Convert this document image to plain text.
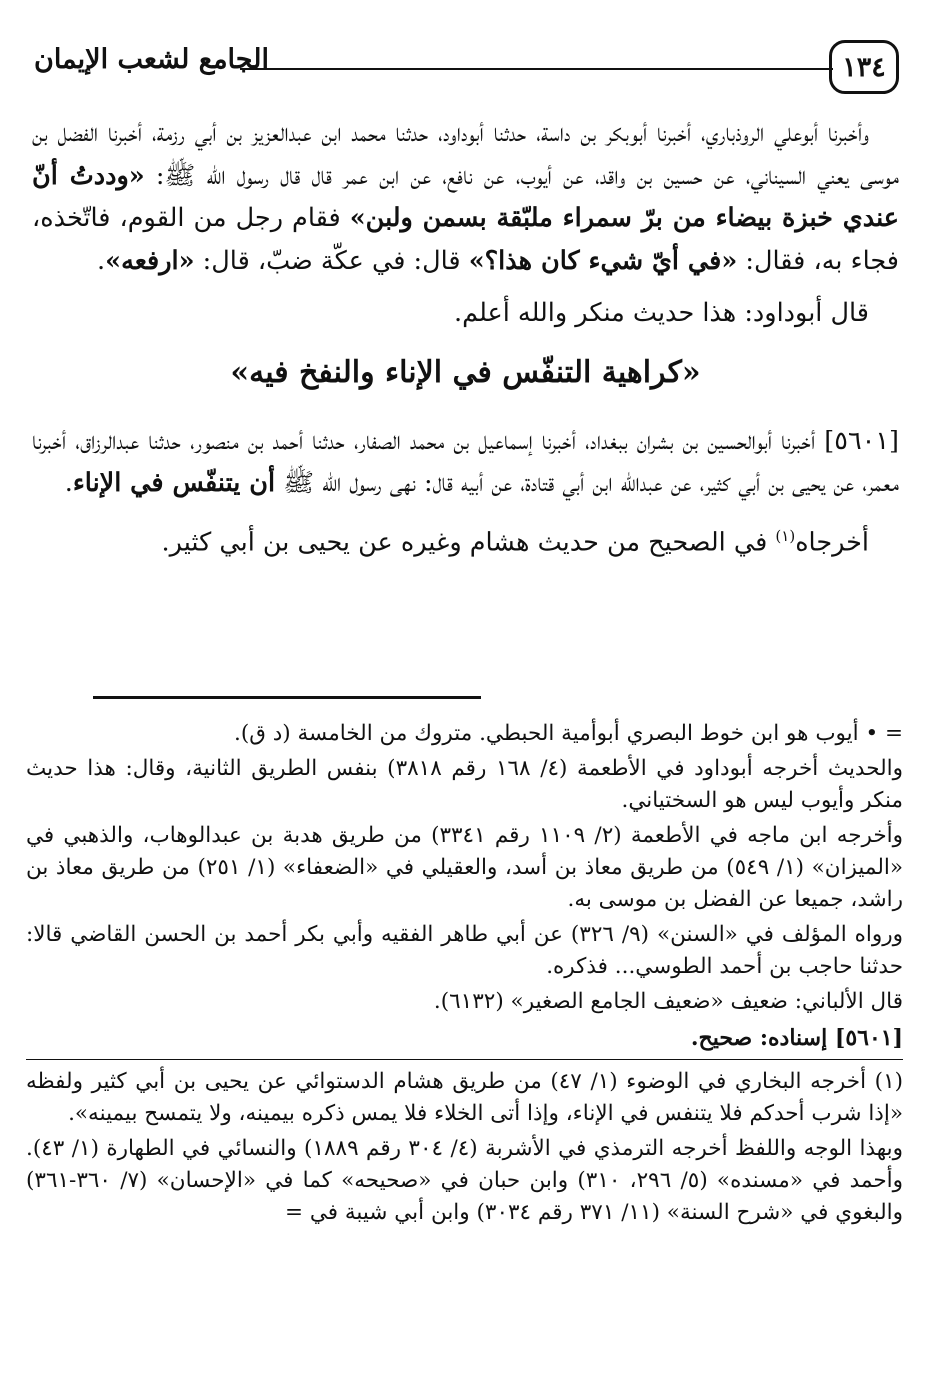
١٣٤
الجامع لشعب الإيمان

وأخبرنا أبوعلي الروذباري، أخبرنا أبوبكر بن داسة، حدثنا أبوداود، حدثنا محمد ابن عبدالعزيز بن أبي رزمة، أخبرنا الفضل بن موسى يعني السيناني، عن حسين بن واقد، عن أيوب، عن نافع، عن ابن عمر قال قال رسول الله ﷺ: «وددتُ أنّ عندي خبزة بيضاء من برّ سمراء ملبّقة بسمن ولبن» فقام رجل من القوم، فاتّخذه، فجاء به، فقال: «في أيّ شيء كان هذا؟» قال: في عكّة ضبّ، قال: «ارفعه».

قال أبوداود: هذا حديث منكر والله أعلم.

«كراهية التنفّس في الإناء والنفخ فيه»

[٥٦٠١] أخبرنا أبوالحسين بن بشران ببغداد، أخبرنا إسماعيل بن محمد الصفار، حدثنا أحمد بن منصور، حدثنا عبدالرزاق، أخبرنا معمر، عن يحيى بن أبي كثير، عن عبدالله ابن أبي قتادة، عن أبيه قال: نهى رسول الله ﷺ أن يتنفّس في الإناء.

أخرجاه$^{(١)}$ في الصحيح من حديث هشام وغيره عن يحيى بن أبي كثير.

= • أيوب هو ابن خوط البصري أبوأمية الحبطي. متروك من الخامسة (د ق).

والحديث أخرجه أبوداود في الأطعمة (٤/ ١٦٨ رقم ٣٨١٨) بنفس الطريق الثانية، وقال: هذا حديث منكر وأيوب ليس هو السختياني.

وأخرجه ابن ماجه في الأطعمة (٢/ ١١٠٩ رقم ٣٣٤١) من طريق هدبة بن عبدالوهاب، والذهبي في «الميزان» (١/ ٥٤٩) من طريق معاذ بن أسد، والعقيلي في «الضعفاء» (١/ ٢٥١) من طريق معاذ بن راشد، جميعا عن الفضل بن موسى به.

ورواه المؤلف في «السنن» (٩/ ٣٢٦) عن أبي طاهر الفقيه وأبي بكر أحمد بن الحسن القاضي قالا: حدثنا حاجب بن أحمد الطوسي... فذكره.

قال الألباني: ضعيف «ضعيف الجامع الصغير» (٦١٣٢).

[٥٦٠١] إسناده: صحيح.

(١) أخرجه البخاري في الوضوء (١/ ٤٧) من طريق هشام الدستوائي عن يحيى بن أبي كثير ولفظه «إذا شرب أحدكم فلا يتنفس في الإناء، وإذا أتى الخلاء فلا يمس ذكره بيمينه، ولا يتمسح بيمينه».

وبهذا الوجه واللفظ أخرجه الترمذي في الأشربة (٤/ ٣٠٤ رقم ١٨٨٩) والنسائي في الطهارة (١/ ٤٣). وأحمد في «مسنده» (٥/ ٢٩٦، ٣١٠) وابن حبان في «صحيحه» كما في «الإحسان» (٧/ ٣٦٠-٣٦١) والبغوي في «شرح السنة» (١١/ ٣٧١ رقم ٣٠٣٤) وابن أبي شيبة في =
